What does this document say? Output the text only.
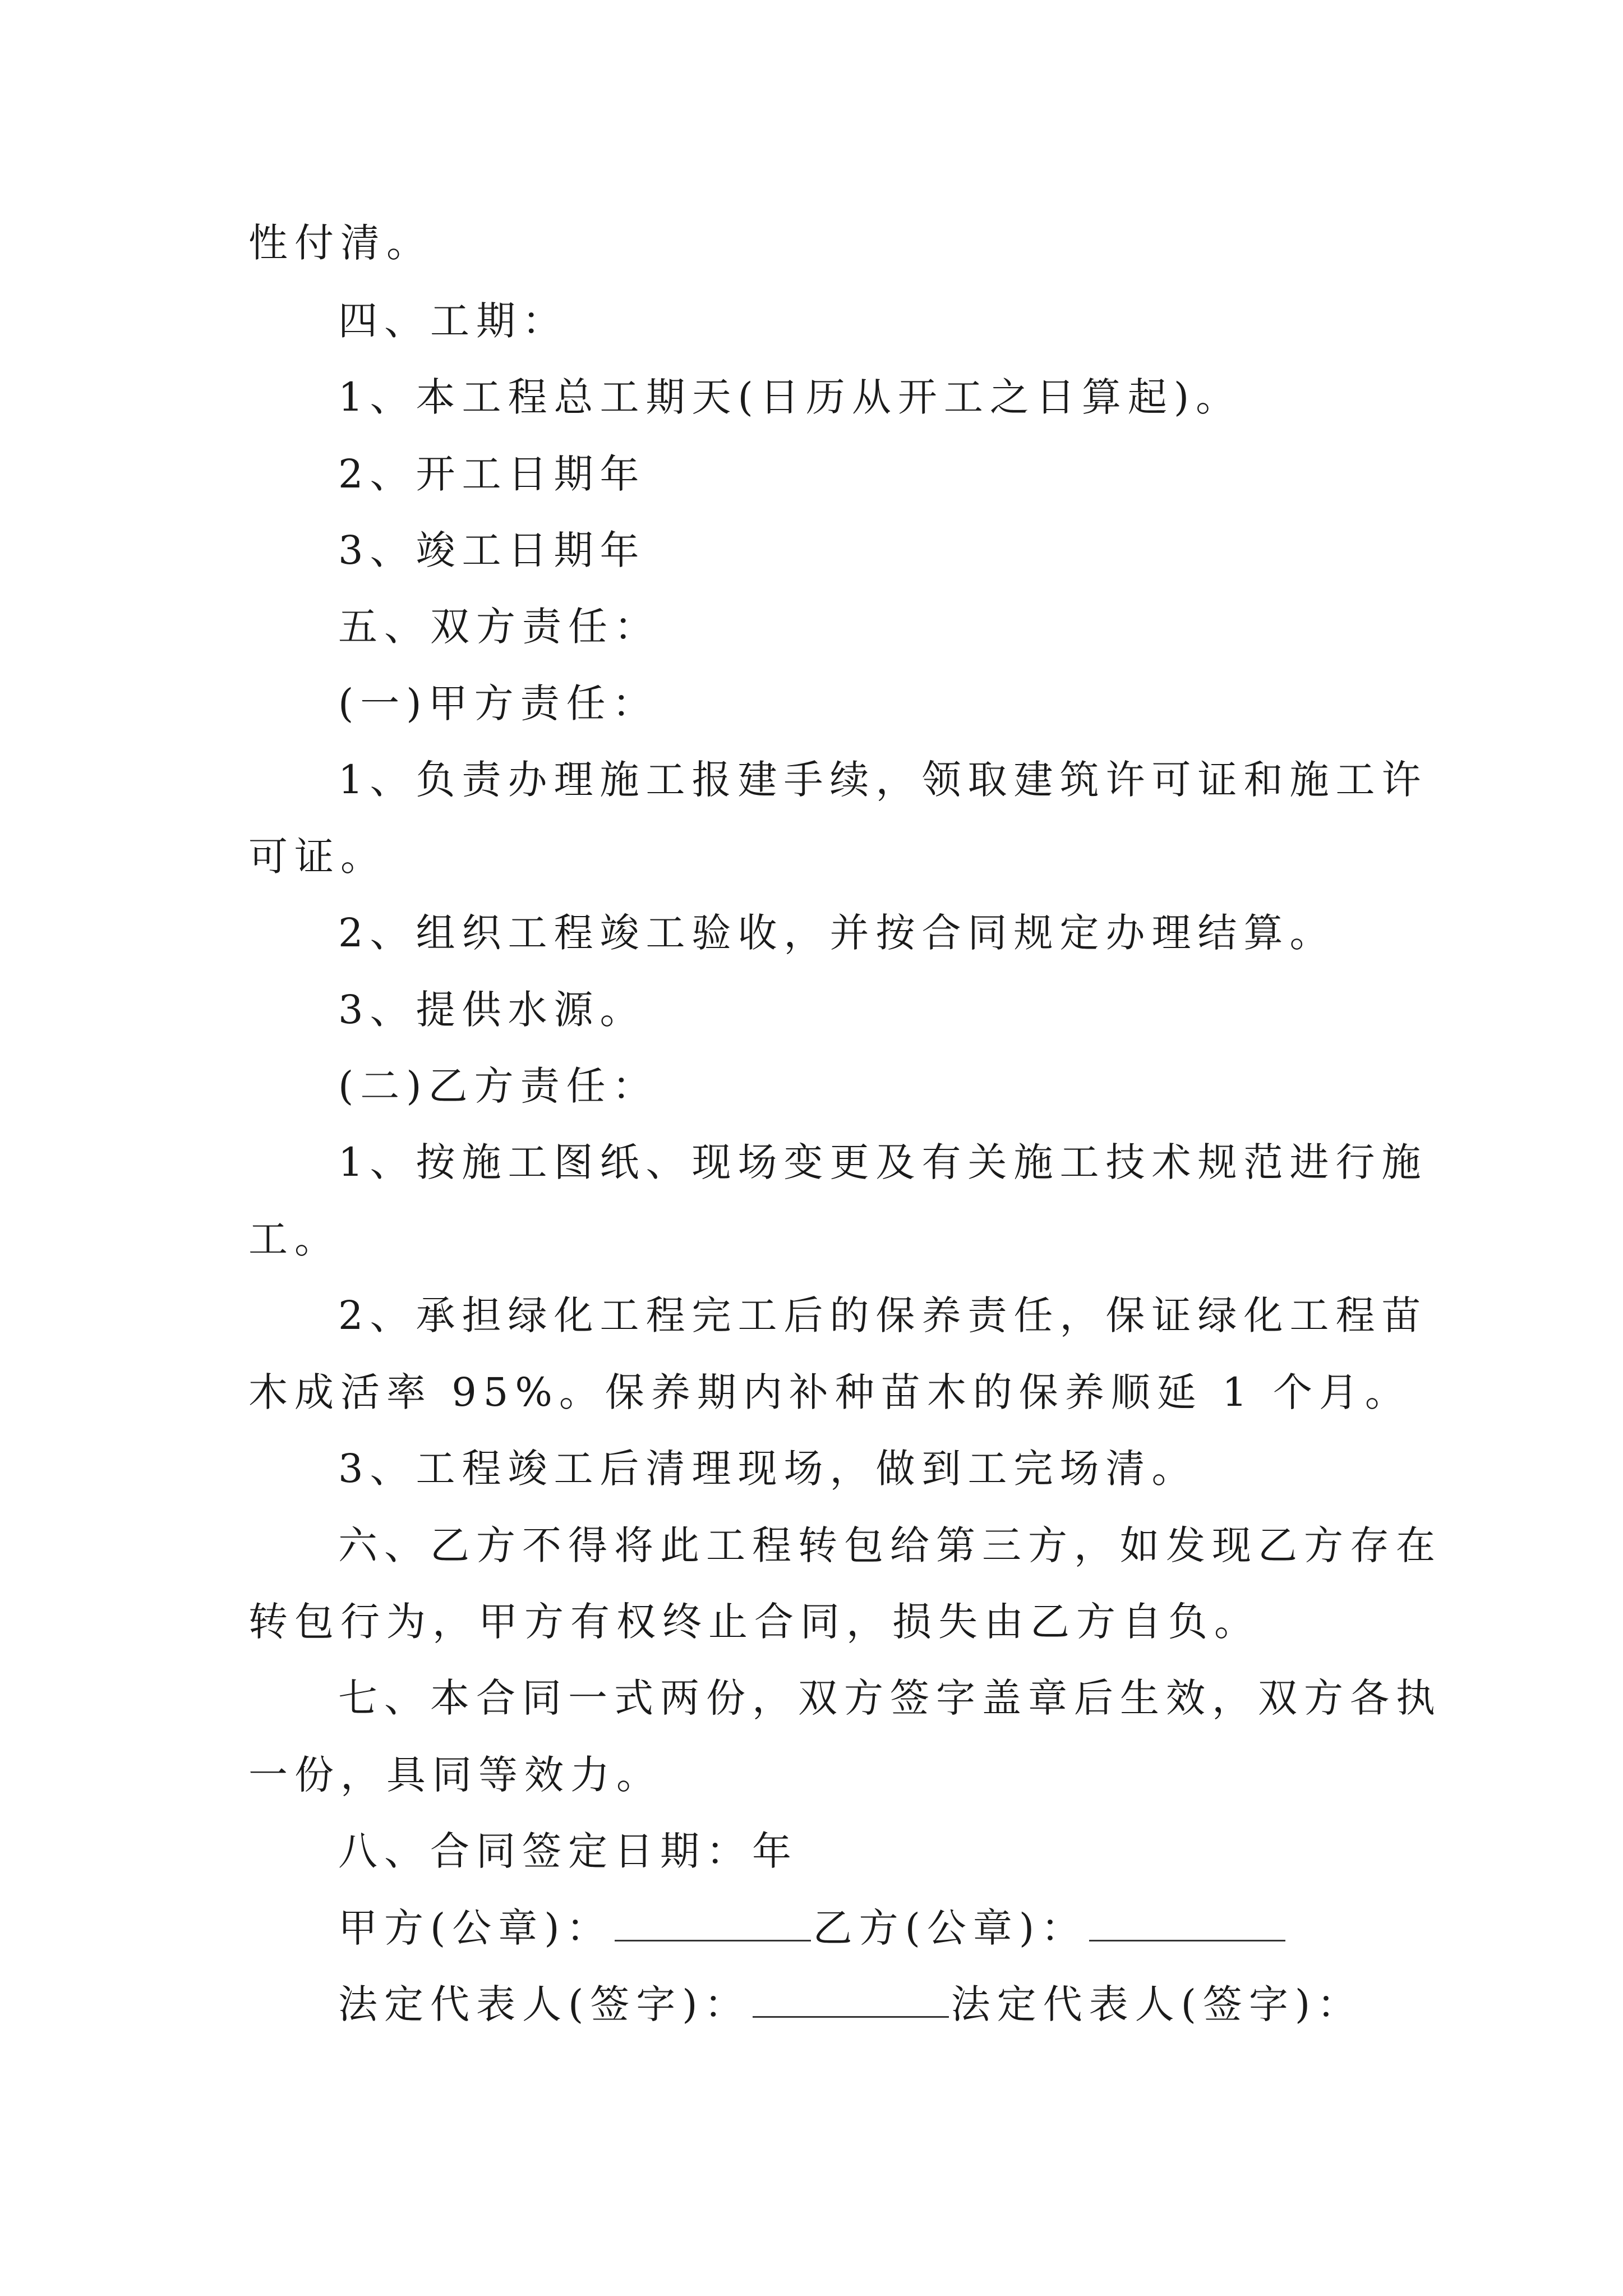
性付清。
四、工期：
1、本工程总工期天(日历从开工之日算起)。
2、开工日期年
3、竣工日期年
五、双方责任：
(一)甲方责任：
1、负责办理施工报建手续，领取建筑许可证和施工许
可证。
2、组织工程竣工验收，并按合同规定办理结算。
3、提供水源。
(二)乙方责任：
1、按施工图纸、现场变更及有关施工技术规范进行施
工。
2、承担绿化工程完工后的保养责任，保证绿化工程苗
木成活率 95%。保养期内补种苗木的保养顺延 1 个月。
3、工程竣工后清理现场，做到工完场清。
六、乙方不得将此工程转包给第三方，如发现乙方存在
转包行为，甲方有权终止合同，损失由乙方自负。
七、本合同一式两份，双方签字盖章后生效，双方各执
一份，具同等效力。
八、合同签定日期：年
甲方(公章)：	乙方(公章)：
法定代表人(签字)：	法定代表人(签字)：
